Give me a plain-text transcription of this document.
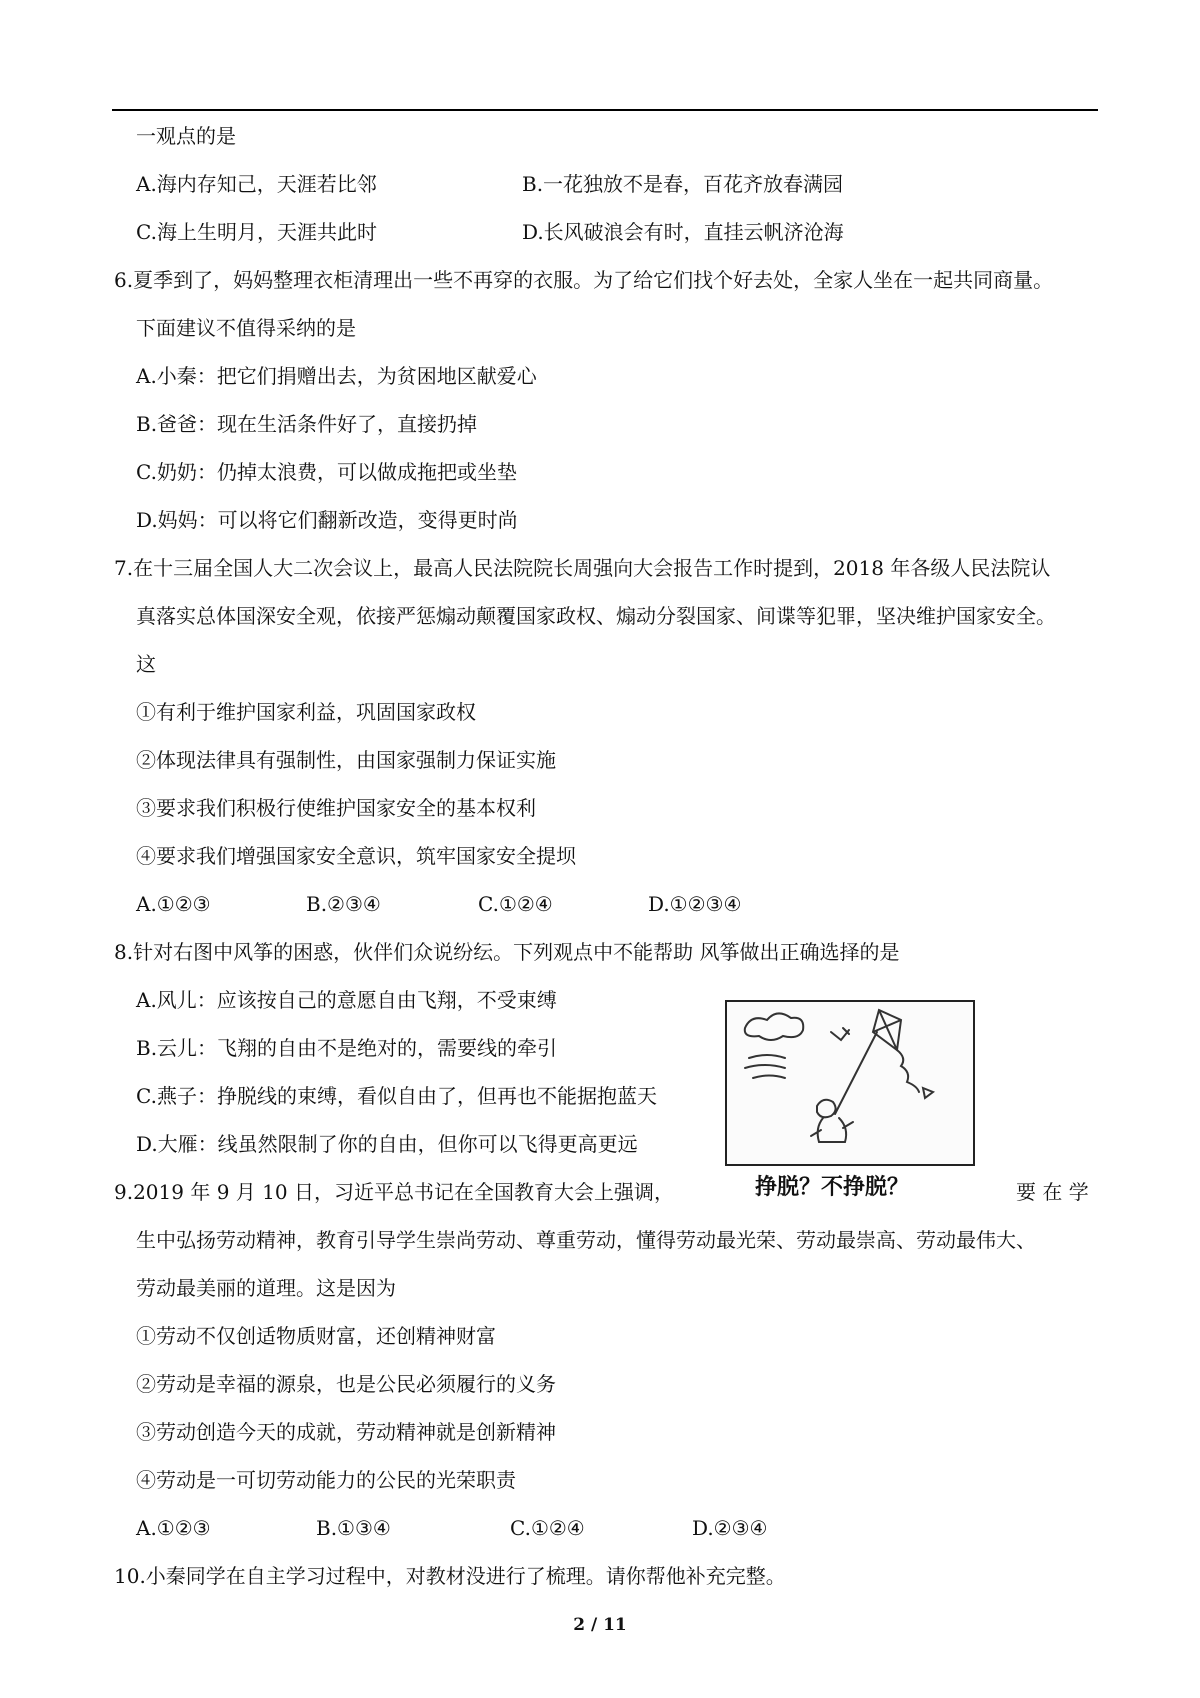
一观点的是
A.海内存知己，天涯若比邻	B.一花独放不是春，百花齐放春满园
C.海上生明月，天涯共此时	D.长风破浪会有时，直挂云帆济沧海
6.夏季到了，妈妈整理衣柜清理出一些不再穿的衣服。为了给它们找个好去处，全家人坐在一起共同商量。
下面建议不值得采纳的是
A.小秦：把它们捐赠出去，为贫困地区献爱心
B.爸爸：现在生活条件好了，直接扔掉
C.奶奶：仍掉太浪费，可以做成拖把或坐垫
D.妈妈：可以将它们翻新改造，变得更时尚
7.在十三届全国人大二次会议上，最高人民法院院长周强向大会报告工作时提到，2018 年各级人民法院认
真落实总体国深安全观，依接严惩煽动颠覆国家政权、煽动分裂国家、间谍等犯罪，坚决维护国家安全。
这
①有利于维护国家利益，巩固国家政权
②体现法律具有强制性，由国家强制力保证实施
③要求我们积极行使维护国家安全的基本权利
④要求我们增强国家安全意识，筑牢国家安全提坝
A.①②③	B.②③④	C.①②④	D.①②③④
8.针对右图中风筝的困惑，伙伴们众说纷纭。下列观点中不能帮助 风筝做出正确选择的是
A.风儿：应该按自己的意愿自由飞翔，不受束缚
B.云儿：飞翔的自由不是绝对的，需要线的牵引
C.燕子：挣脱线的束缚，看似自由了，但再也不能据抱蓝天
D.大雁：线虽然限制了你的自由，但你可以飞得更高更远
挣脱？不挣脱？
9.2019 年 9 月 10 日，习近平总书记在全国教育大会上强调，	要 在 学
生中弘扬劳动精神，教育引导学生崇尚劳动、尊重劳动，懂得劳动最光荣、劳动最崇高、劳动最伟大、
劳动最美丽的道理。这是因为
①劳动不仅创适物质财富，还创精神财富
②劳动是幸福的源泉，也是公民必须履行的义务
③劳动创造今天的成就，劳动精神就是创新精神
④劳动是一可切劳动能力的公民的光荣职责
A.①②③	B.①③④	C.①②④	D.②③④
10.小秦同学在自主学习过程中，对教材没进行了梳理。请你帮他补充完整。
2 / 11
